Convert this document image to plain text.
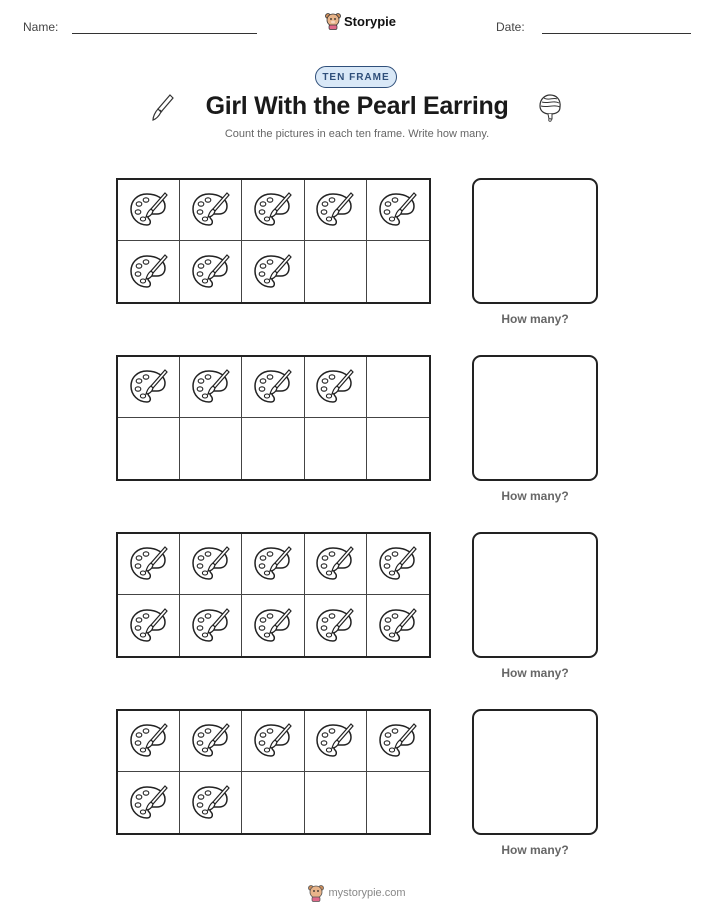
Name:	Storypie	Date:
TEN FRAME
Girl With the Pearl Earring
Count the pictures in each ten frame. Write how many.
How many?
How many?
How many?
How many?
mystorypie.com
